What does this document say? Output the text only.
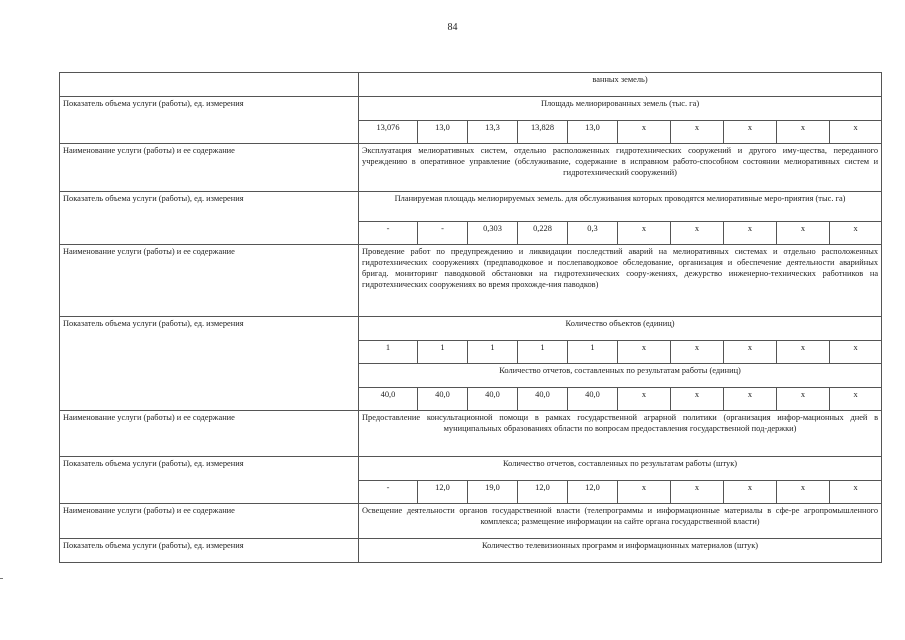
84
	ванных земель)									
Показатель объема услуги (работы), ед. измерения	Площадь мелиорированных земель (тыс. га)									
	13,076	13,0	13,3	13,828	13,0	x	x	x	x	x
Наименование услуги (работы) и ее содержание	Эксплуатация мелиоративных систем, отдельно расположенных гидротехнических сооружений и другого иму-щества, переданного учреждению в оперативное управление (обслуживание, содержание в исправном работо-способном состоянии мелиоративных систем и гидротехнический сооружений)									
Показатель объема услуги (работы), ед. измерения	Планируемая площадь мелиорируемых земель. для обслуживания которых проводятся мелиоративные меро-приятия (тыс. га)									
	-	-	0,303	0,228	0,3	x	x	x	x	x
Наименование услуги (работы) и ее содержание	Проведение работ по предупреждению и ликвидации последствий аварий на мелиоративных системах и отдельно расположенных гидротехнических сооружениях (предпаводковое и послепаводковое обследование, организация и обеспечение деятельности аварийных бригад. мониторинг паводковой обстановки на гидротехнических соору-жениях, дежурство инженерно-технических работников на гидротехнических сооружениях во время прохожде-ния паводков)									
Показатель объема услуги (работы), ед. измерения	Количество объектов (единиц)									
	1	1	1	1	1	x	x	x	x	x
	Количество отчетов, составленных по результатам работы (единиц)									
	40,0	40,0	40,0	40,0	40,0	x	x	x	x	x
Наименование услуги (работы) и ее содержание	Предоставление консультационной помощи в рамках государственной аграрной политики (организация инфор-мационных дней в муниципальных образованиях области по вопросам предоставления государственной под-держки)									
Показатель объема услуги (работы), ед. измерения	Количество отчетов, составленных по результатам работы (штук)									
	-	12,0	19,0	12,0	12,0	x	x	x	x	x
Наименование услуги (работы) и ее содержание	Освещение деятельности органов государственной власти (телепрограммы и информационные материалы в сфе-ре агропромышленного комплекса; размещение информации на сайте органа государственной власти)									
Показатель объема услуги (работы), ед. измерения	Количество телевизионных программ и информационных материалов (штук)									
